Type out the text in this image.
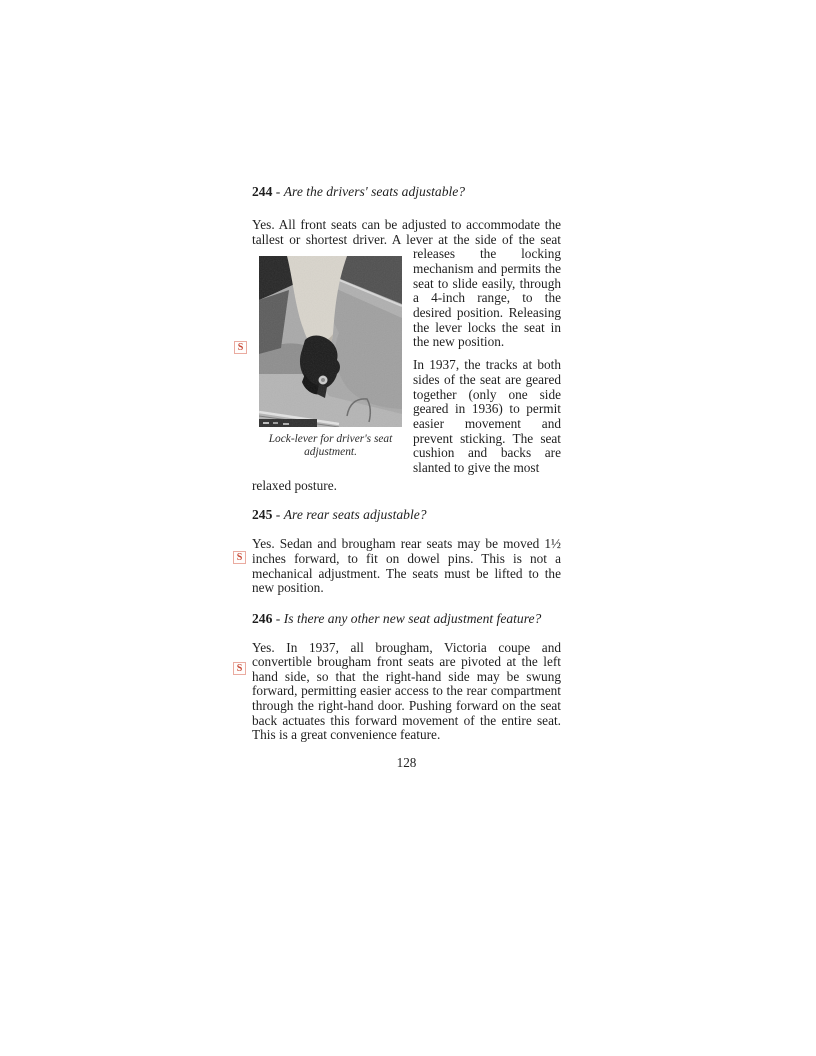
S
S
S
244 - Are the drivers' seats adjustable?

Yes. All front seats can be adjusted to accommodate the tallest or shortest driver. A lever at the side of the seat

Lock-lever for driver's seat adjustment.

releases the locking mechanism and permits the seat to slide easily, through a 4-inch range, to the desired position. Releasing the lever locks the seat in the new position.

In 1937, the tracks at both sides of the seat are geared together (only one side geared in 1936) to permit easier movement and prevent sticking. The seat cushion and backs are slanted to give the most

relaxed posture.

245 - Are rear seats adjustable?

Yes. Sedan and brougham rear seats may be moved 1½ inches forward, to fit on dowel pins. This is not a mechanical adjustment. The seats must be lifted to the new position.

246 - Is there any other new seat adjustment feature?

Yes. In 1937, all brougham, Victoria coupe and convertible brougham front seats are pivoted at the left hand side, so that the right-hand side may be swung forward, permitting easier access to the rear compartment through the right-hand door. Pushing forward on the seat back actuates this forward movement of the entire seat. This is a great convenience feature.

128
